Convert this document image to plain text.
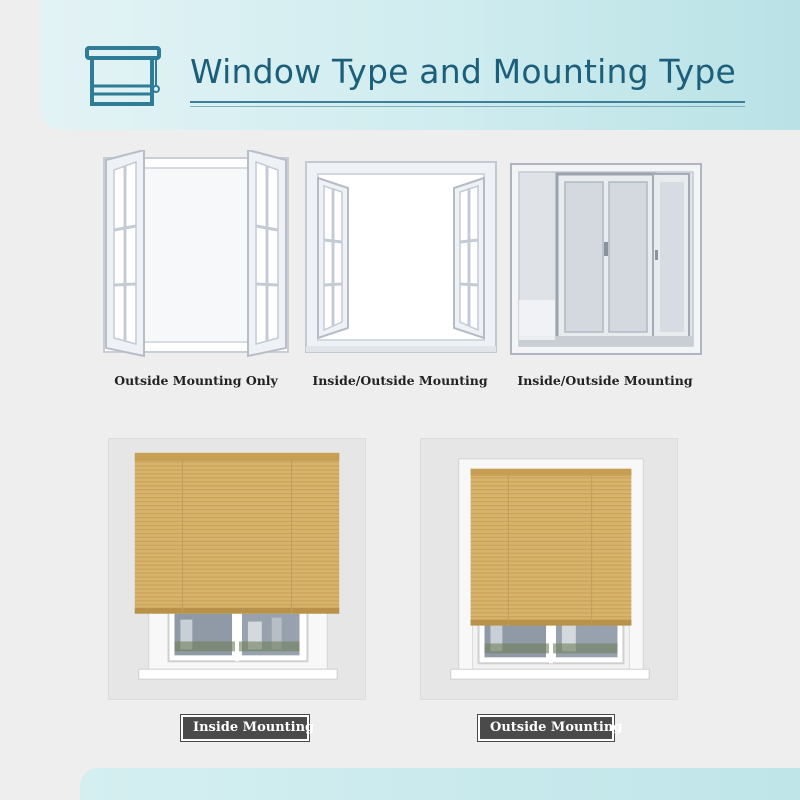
Window Type and Mounting Type
Outside Mounting Only	Inside/Outside Mounting	Inside/Outside Mounting
Inside Mounting	Outside Mounting
